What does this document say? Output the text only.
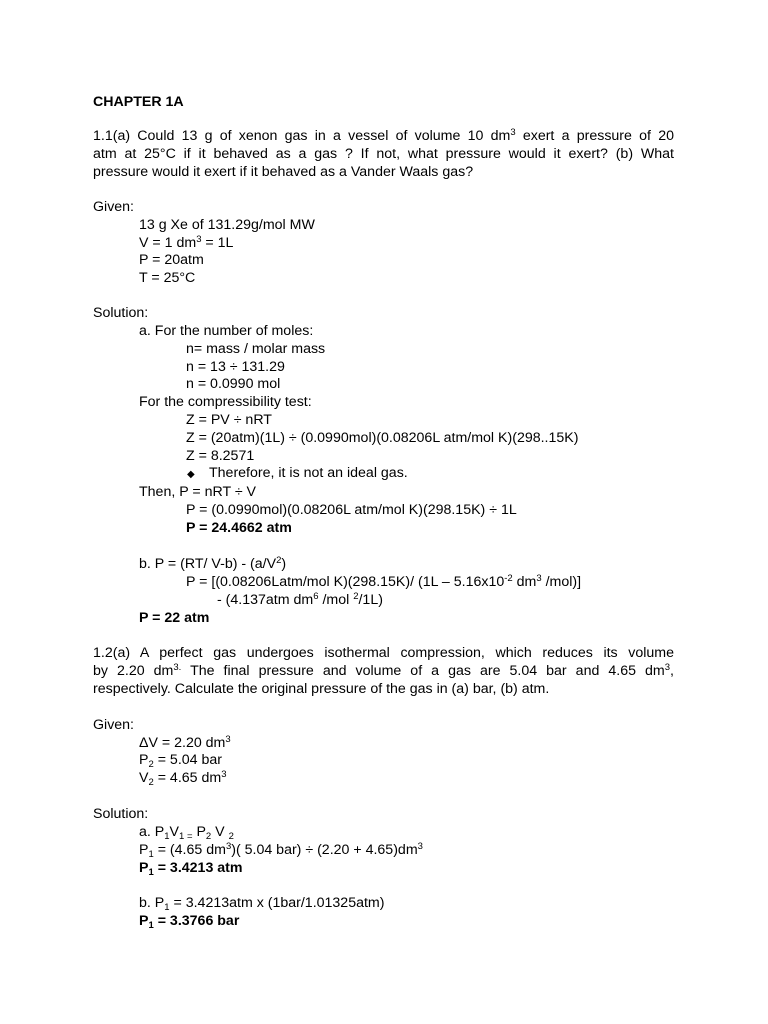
CHAPTER 1A
1.1(a) Could 13 g of xenon gas in a vessel of volume 10 $dm^3$ exert a pressure of 20
atm at 25°C if it behaved as a gas ? If not, what pressure would it exert? (b) What
pressure would it exert if it behaved as a Vander Waals gas?
Given:
13 g Xe of 131.29g/mol MW
V = 1 $dm^3 = 1L$
P = 20atm
T = 25°C
Solution:
a. For the number of moles:
n= mass / molar mass
n = 13 ÷ 131.29
n = 0.0990 mol
For the compressibility test:
Z = PV ÷ nRT
Z = (20atm)(1L) ÷ (0.0990mol)(0.08206L atm/mol K)(298..15K)
Z = 8.2571
◆ Therefore, it is not an ideal gas.
Then, P = nRT ÷ V
P = (0.0990mol)(0.08206L atm/mol K)(298.15K) ÷ 1L
P = 24.4662 atm
b. P = (RT/ $V-b) - (a/V^2)$
P = [(0.08206Latm/mol K)(298.15K)/ ($1L - 5.16x10^{-2}$ $dm^3$ /mol)]
- (4.137atm $dm^6$ /mol $^2$/1L)
P = 22 atm
1.2(a) A perfect gas undergoes isothermal compression, which reduces its volume
by 2.20 $dm^{3.}$ The final pressure and volume of a gas are 5.04 bar and 4.65 $dm^3$,
respectively. Calculate the original pressure of the gas in (a) bar, (b) atm.
Given:
ΔV = 2.20 $dm^3$
$P_2 = 5.04$ bar
$V_2 = 4.65$ $dm^3$
Solution:
a. $P_1V_{1 =}$ $P_2$ V $_2$
$P_1 = (4.65$ $dm^3$)( 5.04 $bar) \div (2.20 + 4.65)dm^3$
$P_1 = 3.4213$ atm
b. $P_1 = 3.4213atm$ x (1bar/1.01325atm)
$P_1 = 3.3766$ bar
